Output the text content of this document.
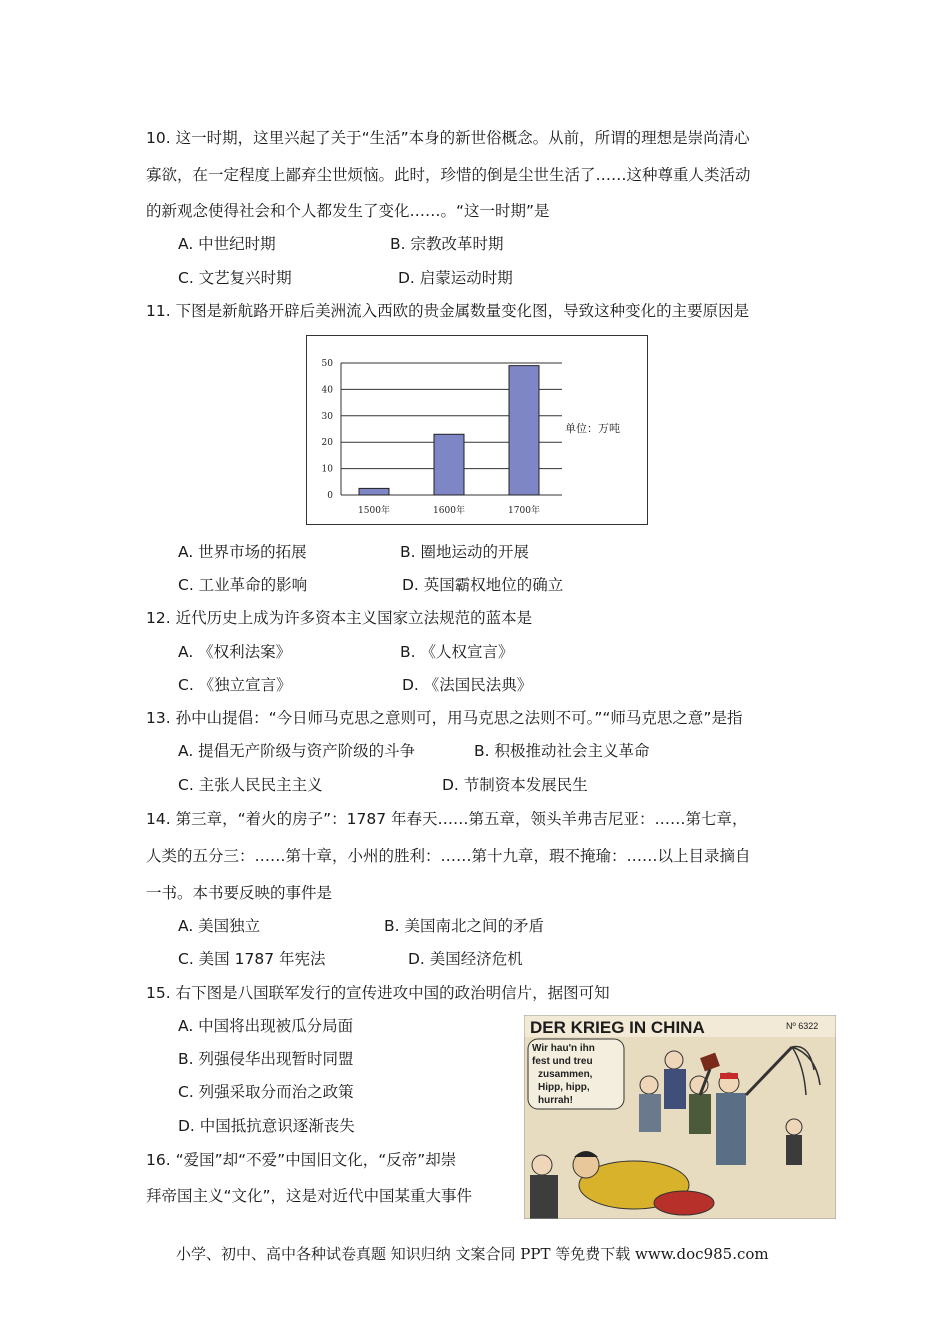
10. 这一时期，这里兴起了关于“生活”本身的新世俗概念。从前，所谓的理想是崇尚清心
寡欲，在一定程度上鄙弃尘世烦恼。此时，珍惜的倒是尘世生活了……这种尊重人类活动
的新观念使得社会和个人都发生了变化……。“这一时期”是
A. 中世纪时期	B. 宗教改革时期
C. 文艺复兴时期	D. 启蒙运动时期
11. 下图是新航路开辟后美洲流入西欧的贵金属数量变化图，导致这种变化的主要原因是
0
10
20
30
40
50
1500年	1600年	1700年
单位：万吨
A. 世界市场的拓展	B. 圈地运动的开展
C. 工业革命的影响	D. 英国霸权地位的确立
12. 近代历史上成为许多资本主义国家立法规范的蓝本是
A. 《权利法案》	B. 《人权宣言》
C. 《独立宣言》	D. 《法国民法典》
13. 孙中山提倡：“今日师马克思之意则可，用马克思之法则不可。”“师马克思之意”是指
A. 提倡无产阶级与资产阶级的斗争	B. 积极推动社会主义革命
C. 主张人民民主主义	D. 节制资本发展民生
14. 第三章，“着火的房子”：1787 年春天……第五章，领头羊弗吉尼亚：……第七章，
人类的五分三：……第十章，小州的胜利：……第十九章，瑕不掩瑜：……以上目录摘自
一书。本书要反映的事件是
A. 美国独立	B. 美国南北之间的矛盾
C. 美国 1787 年宪法	D. 美国经济危机
15. 右下图是八国联军发行的宣传进攻中国的政治明信片，据图可知
A. 中国将出现被瓜分局面
B. 列强侵华出现暂时同盟
C. 列强采取分而治之政策
D. 中国抵抗意识逐渐丧失
DER KRIEG IN CHINA	Nº 6322
Wir hau'n ihn fest und treu zusammen, Hipp, hipp, hurrah!
16. “爱国”却“不爱”中国旧文化，“反帝”却崇
拜帝国主义“文化”，这是对近代中国某重大事件
小学、初中、高中各种试卷真题 知识归纳 文案合同 PPT 等免费下载 www.doc985.com
